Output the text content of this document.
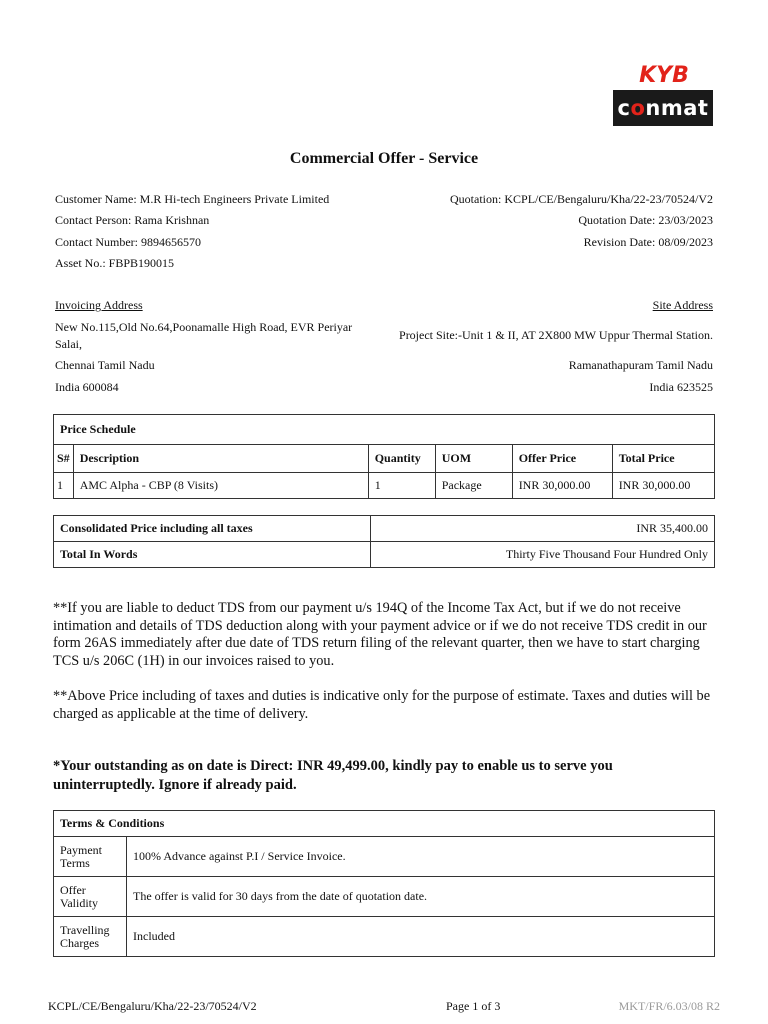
KYB
conmat
Commercial Offer - Service
Customer Name: M.R Hi-tech Engineers Private Limited
Contact Person: Rama Krishnan
Contact Number: 9894656570
Asset No.: FBPB190015
Quotation: KCPL/CE/Bengaluru/Kha/22-23/70524/V2
Quotation Date: 23/03/2023
Revision Date: 08/09/2023
Invoicing Address
New No.115,Old No.64,Poonamalle High Road, EVR Periyar
Salai,
Chennai Tamil Nadu
India 600084
Site Address
Project Site:-Unit 1 & II, AT 2X800 MW Uppur Thermal Station.
Ramanathapuram Tamil Nadu
India 623525
Price Schedule					
S#	Description	Quantity	UOM	Offer Price	Total Price
1	AMC Alpha - CBP (8 Visits)	1	Package	INR 30,000.00	INR 30,000.00
Consolidated Price including all taxes	INR 35,400.00
Total In Words	Thirty Five Thousand Four Hundred Only
**If you are liable to deduct TDS from our payment u/s 194Q of the Income Tax Act, but if we do not receive intimation and details of TDS deduction along with your payment advice or if we do not receive TDS credit in our form 26AS immediately after due date of TDS return filing of the relevant quarter, then we have to start charging TCS u/s 206C (1H) in our invoices raised to you.
**Above Price including of taxes and duties is indicative only for the purpose of estimate. Taxes and duties will be charged as applicable at the time of delivery.
*Your outstanding as on date is Direct: INR 49,499.00, kindly pay to enable us to serve you uninterruptedly. Ignore if already paid.
Terms & Conditions	
Payment Terms	100% Advance against P.I / Service Invoice.
Offer Validity	The offer is valid for 30 days from the date of quotation date.
Travelling Charges	Included
KCPL/CE/Bengaluru/Kha/22-23/70524/V2	Page 1 of 3	MKT/FR/6.03/08 R2
